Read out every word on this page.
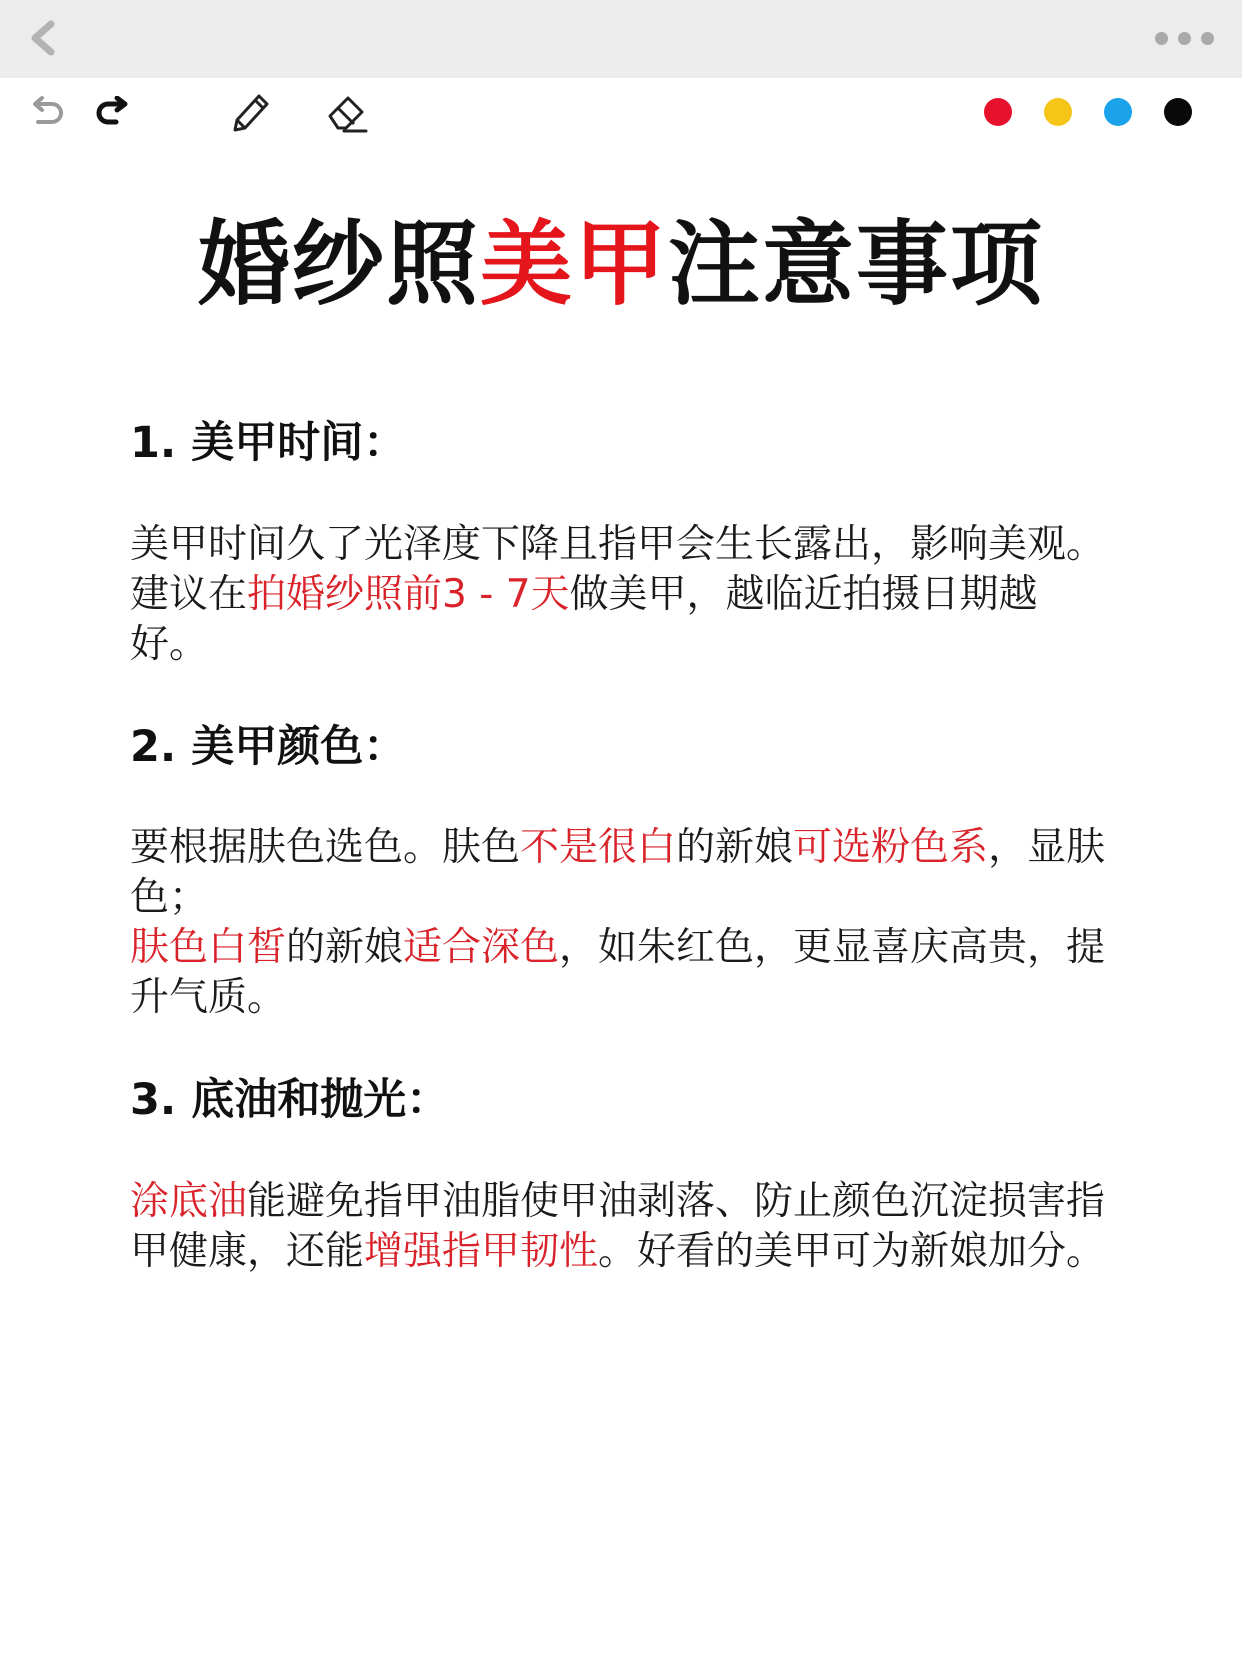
婚纱照美甲注意事项
1. 美甲时间：
美甲时间久了光泽度下降且指甲会生长露出，影响美观。
建议在拍婚纱照前3 - 7天做美甲，越临近拍摄日期越好。
2. 美甲颜色：
要根据肤色选色。肤色不是很白的新娘可选粉色系，显肤色；
肤色白皙的新娘适合深色，如朱红色，更显喜庆高贵，提升气质。
3. 底油和抛光：
涂底油能避免指甲油脂使甲油剥落、防止颜色沉淀损害指甲健康，还能增强指甲韧性。好看的美甲可为新娘加分。
